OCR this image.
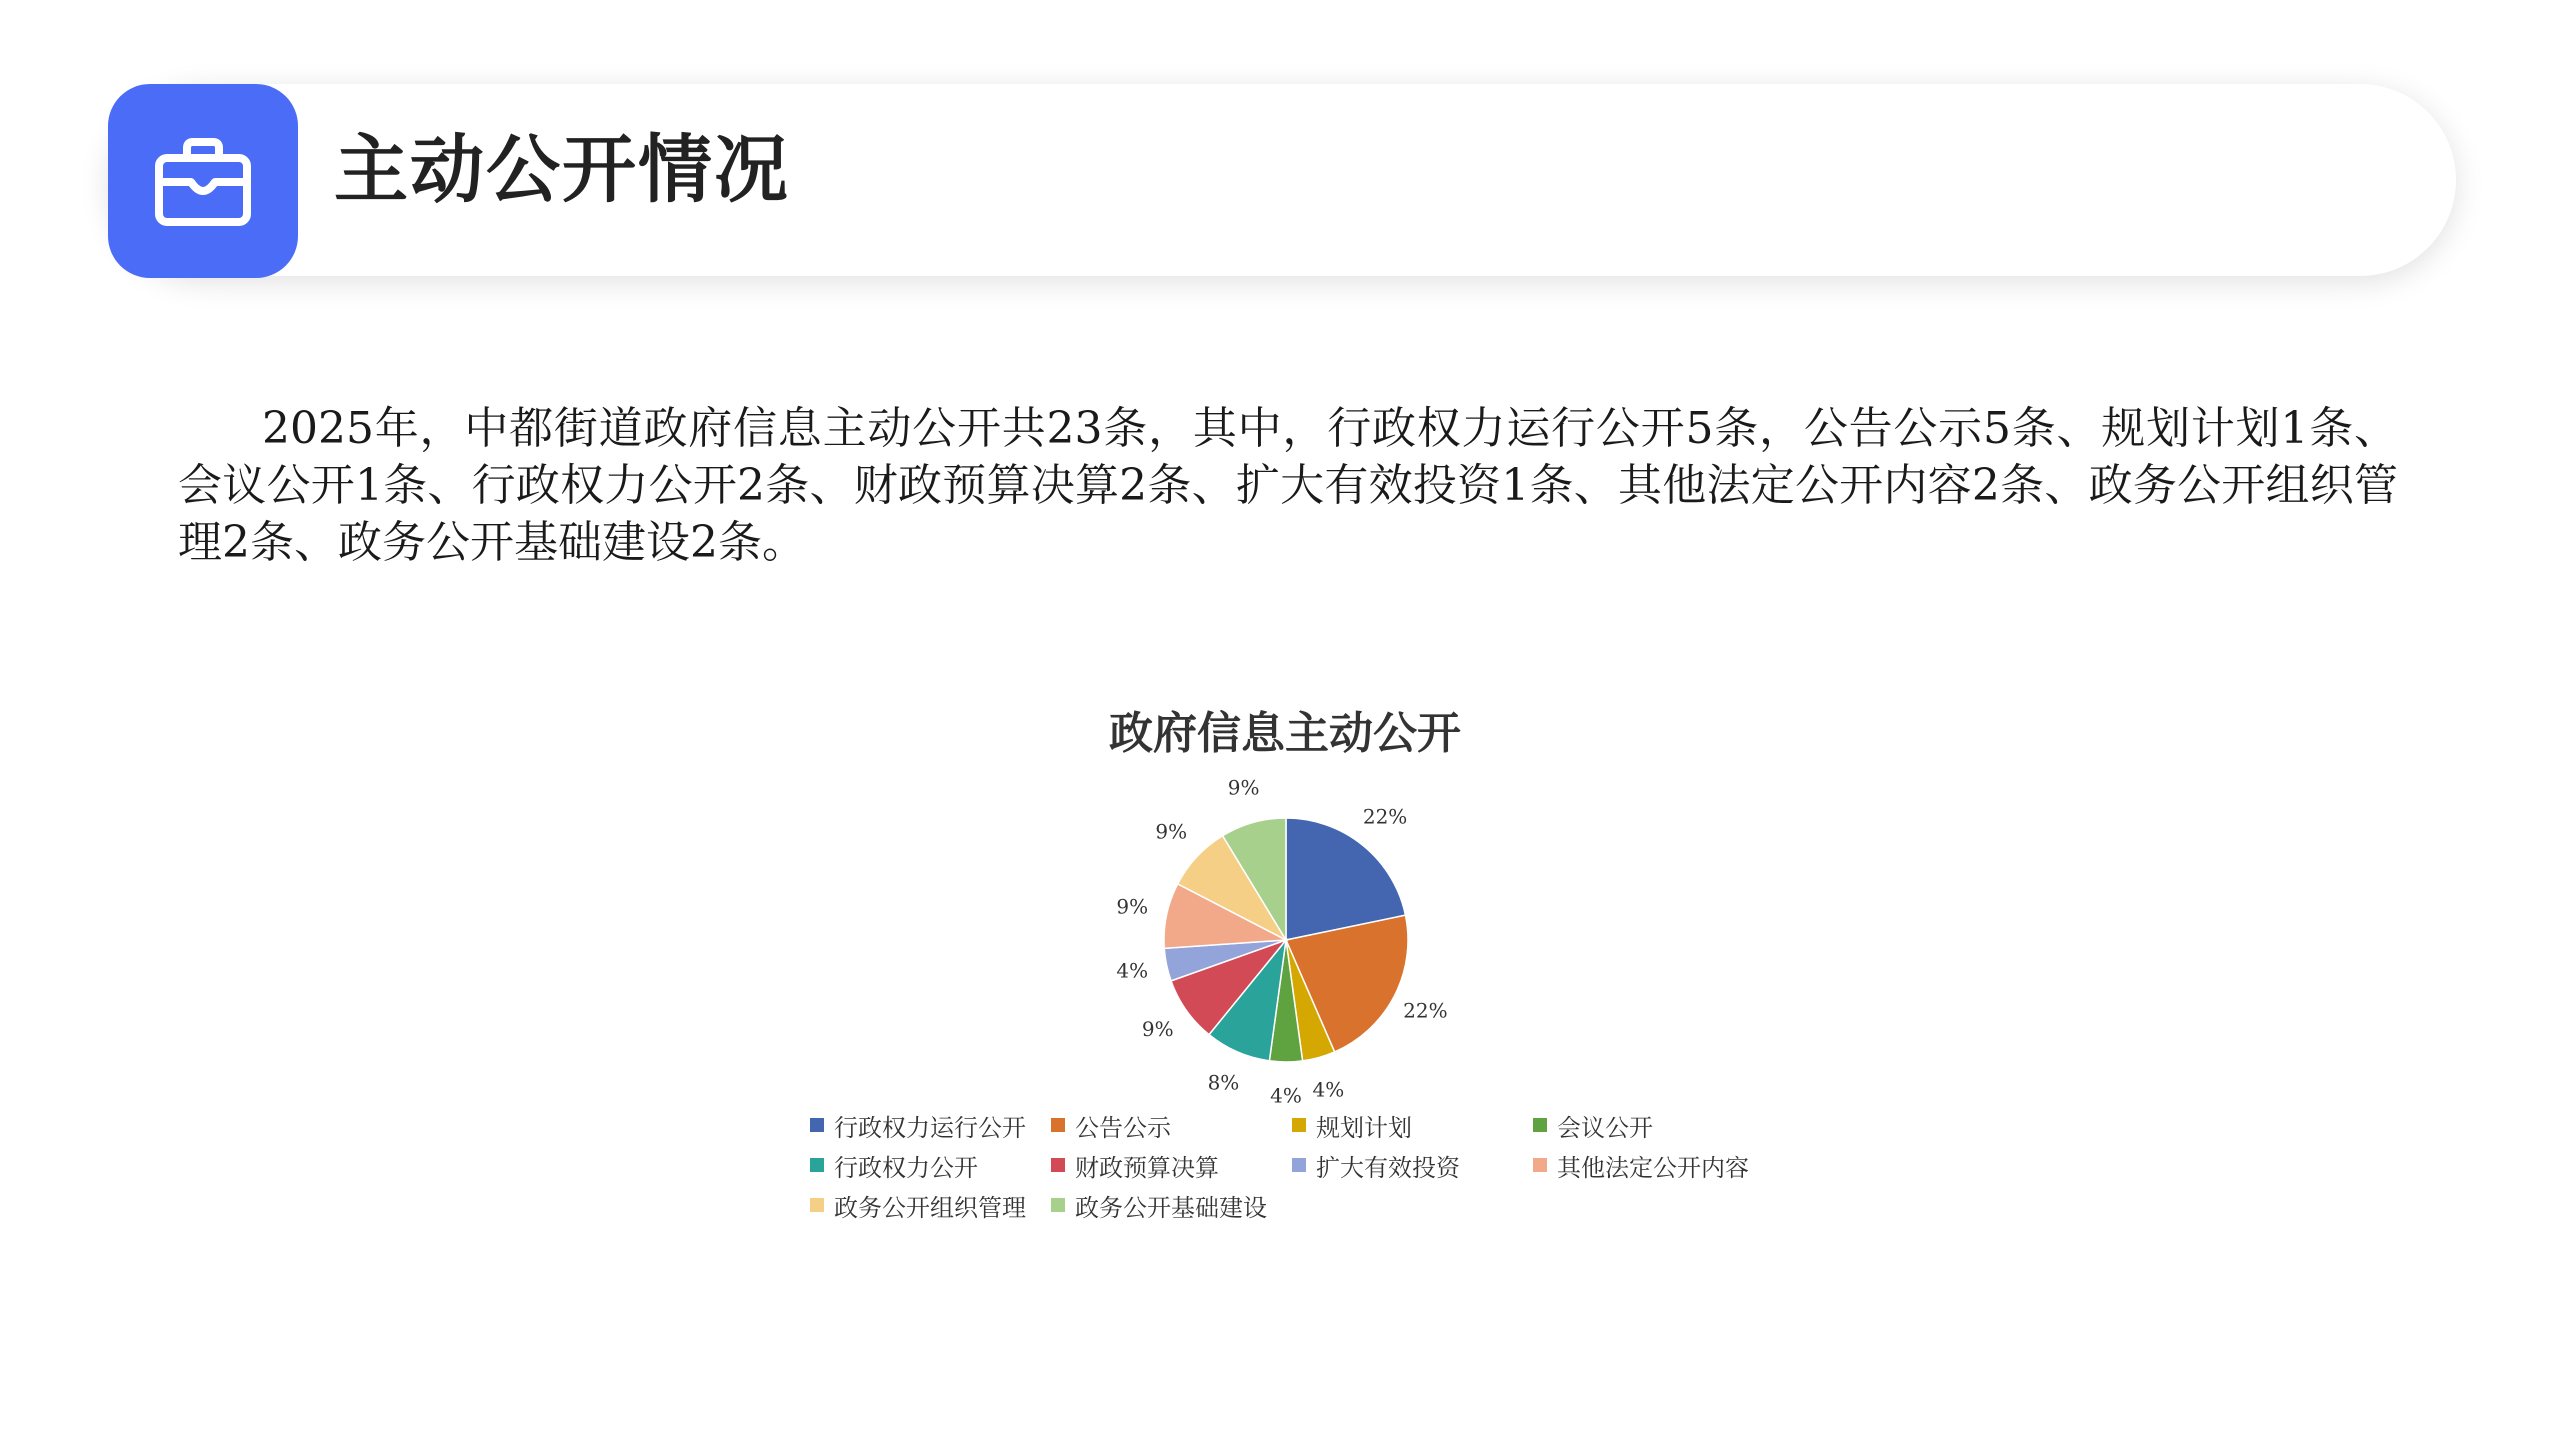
主动公开情况
2025年，中都街道政府信息主动公开共23条，其中，行政权力运行公开5条，公告公示5条、规划计划1条、会议公开1条、行政权力公开2条、财政预算决算2条、扩大有效投资1条、其他法定公开内容2条、政务公开组织管理2条、政务公开基础建设2条。
政府信息主动公开
22%
22%
4%
4%
8%
9%
4%
9%
9%
9%
行政权力运行公开 公告公示	规划计划	会议公开
行政权力公开	财政预算决算	扩大有效投资	其他法定公开内容
政务公开组织管理 政务公开基础建设
